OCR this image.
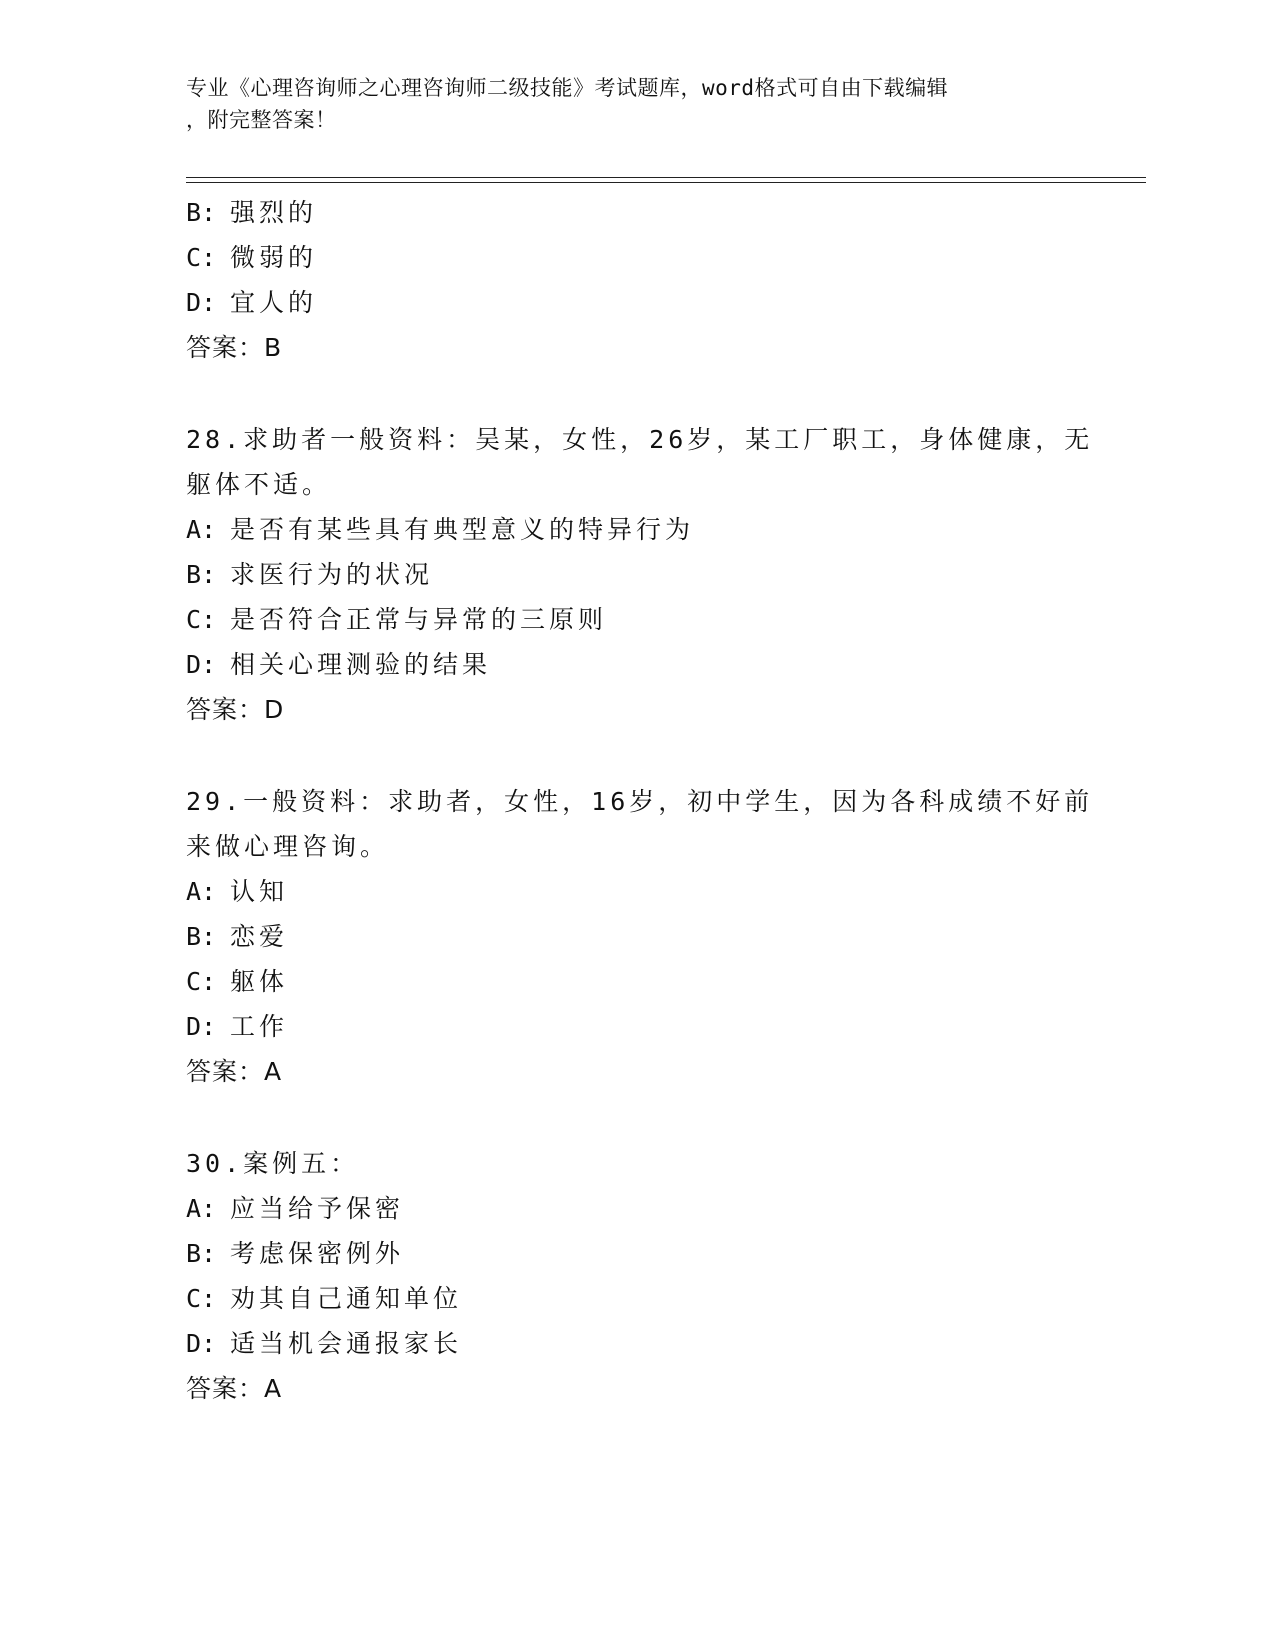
专业《心理咨询师之心理咨询师二级技能》考试题库，word格式可自由下载编辑
，附完整答案！
B: 强烈的
C: 微弱的
D: 宜人的
答案：B
28.求助者一般资料：吴某，女性，26岁，某工厂职工，身体健康，无
躯体不适。
A: 是否有某些具有典型意义的特异行为
B: 求医行为的状况
C: 是否符合正常与异常的三原则
D: 相关心理测验的结果
答案：D
29.一般资料：求助者，女性，16岁，初中学生，因为各科成绩不好前
来做心理咨询。
A: 认知
B: 恋爱
C: 躯体
D: 工作
答案：A
30.案例五：
A: 应当给予保密
B: 考虑保密例外
C: 劝其自己通知单位
D: 适当机会通报家长
答案：A
